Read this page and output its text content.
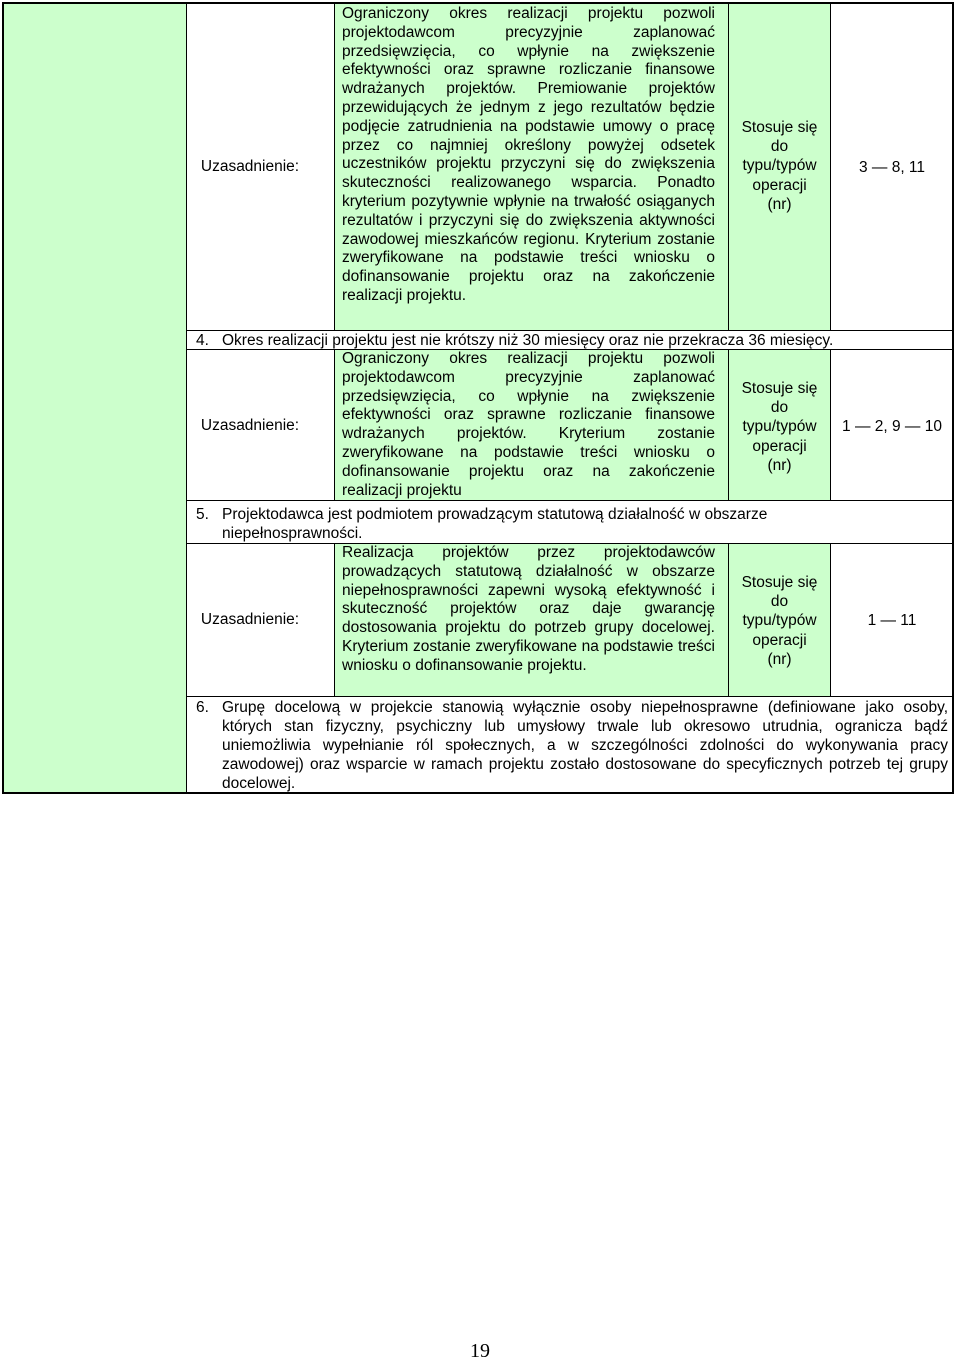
Uzasadnienie:

Ograniczony okres realizacji projektu pozwoli projektodawcom precyzyjnie zaplanować przedsięwzięcia, co wpłynie na zwiększenie efektywności oraz sprawne rozliczanie finansowe wdrażanych projektów. Premiowanie projektów przewidujących że jednym z jego rezultatów będzie podjęcie zatrudnienia na podstawie umowy o pracę przez co najmniej określony powyżej odsetek uczestników projektu przyczyni się do zwiększenia skuteczności realizowanego wsparcia. Ponadto kryterium pozytywnie wpłynie na trwałość osiąganych rezultatów i przyczyni się do zwiększenia aktywności zawodowej mieszkańców regionu. Kryterium zostanie zweryfikowane na podstawie treści wniosku o dofinansowanie projektu oraz na zakończenie realizacji projektu.

Stosuje się
do
typu/typów
operacji
(nr)
3 — 8, 11
4. Okres realizacji projektu jest nie krótszy niż 30 miesięcy oraz nie przekracza 36 miesięcy.
Uzasadnienie:

Ograniczony okres realizacji projektu pozwoli projektodawcom precyzyjnie zaplanować przedsięwzięcia, co wpłynie na zwiększenie efektywności oraz sprawne rozliczanie finansowe wdrażanych projektów. Kryterium zostanie zweryfikowane na podstawie treści wniosku o dofinansowanie projektu oraz na zakończenie realizacji projektu

Stosuje się
do
typu/typów
operacji
(nr)
1 — 2, 9 — 10
5. Projektodawca jest podmiotem prowadzącym statutową działalność w obszarze niepełnosprawności.
Uzasadnienie:

Realizacja projektów przez projektodawców prowadzących statutową działalność w obszarze niepełnosprawności zapewni wysoką efektywność i skuteczność projektów oraz daje gwarancję dostosowania projektu do potrzeb grupy docelowej. Kryterium zostanie zweryfikowane na podstawie treści wniosku o dofinansowanie projektu.

Stosuje się
do
typu/typów
operacji
(nr)
1 — 11
6. Grupę docelową w projekcie stanowią wyłącznie osoby niepełnosprawne (definiowane jako osoby, których stan fizyczny, psychiczny lub umysłowy trwale lub okresowo utrudnia, ogranicza bądź uniemożliwia wypełnianie ról społecznych, a w szczególności zdolności do wykonywania pracy zawodowej) oraz wsparcie w ramach projektu zostało dostosowane do specyficznych potrzeb tej grupy docelowej.
19
